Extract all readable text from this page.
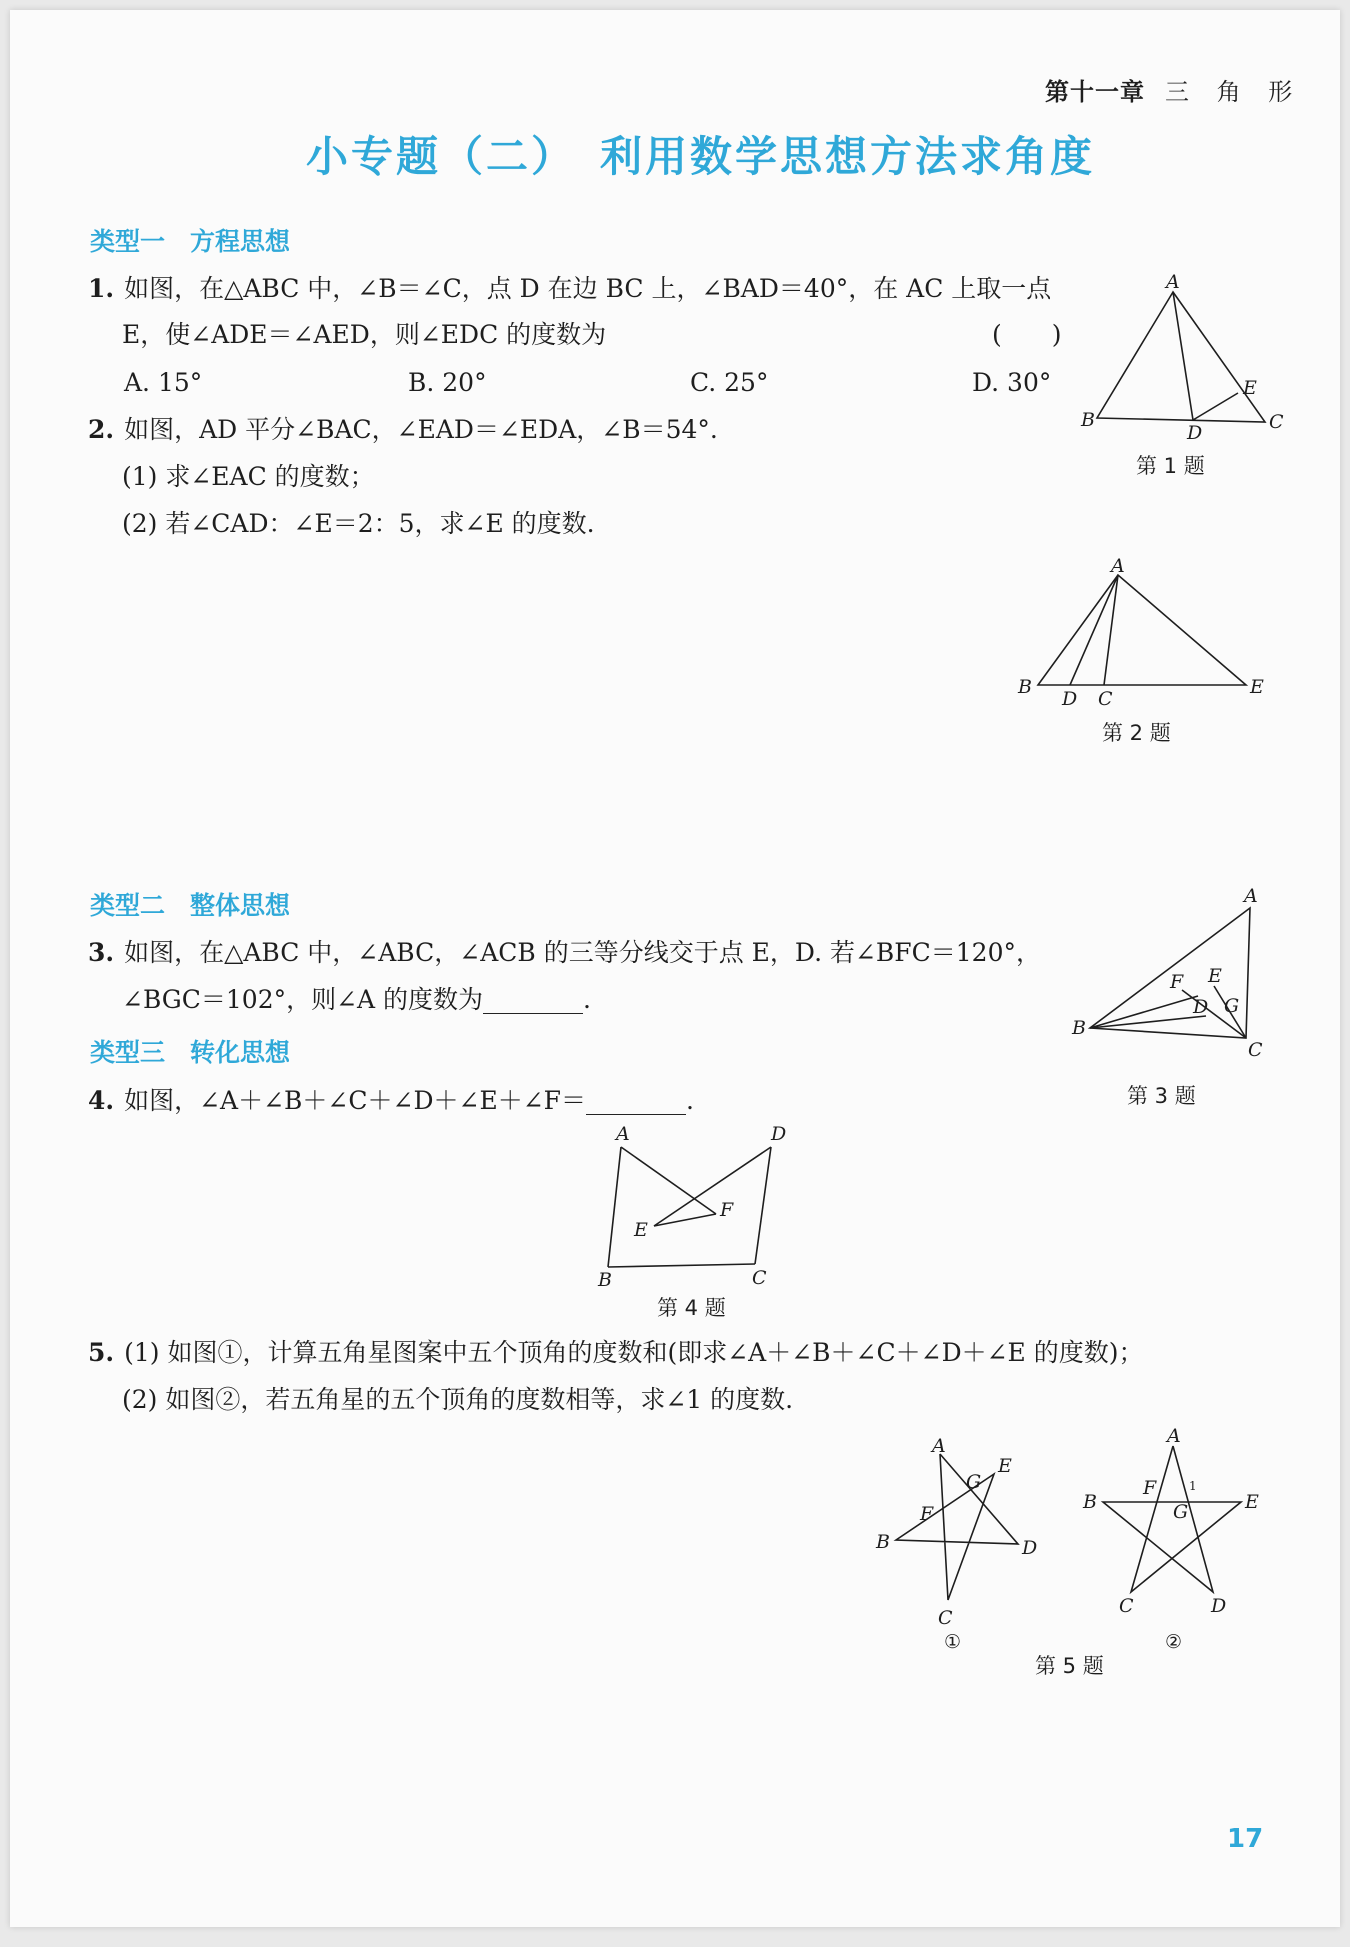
第十一章 三 角 形
小专题（二）　利用数学思想方法求角度
类型一　方程思想
1. 如图，在△ABC 中，∠B＝∠C，点 D 在边 BC 上，∠BAD＝40°，在 AC 上取一点
E，使∠ADE＝∠AED，则∠EDC 的度数为	(　　)
A. 15°	B. 20°	C. 25°	D. 30°
2. 如图，AD 平分∠BAC，∠EAD＝∠EDA，∠B＝54°.
(1) 求∠EAC 的度数；
(2) 若∠CAD：∠E＝2：5，求∠E 的度数.
A
B	C
D
E
第 1 题
A
B
C
D
E
第 2 题
类型二　整体思想
3. 如图，在△ABC 中，∠ABC，∠ACB 的三等分线交于点 E，D. 若∠BFC＝120°，
∠BGC＝102°，则∠A 的度数为________.
A
B
C
D
E
F
G
第 3 题
类型三　转化思想
4. 如图，∠A＋∠B＋∠C＋∠D＋∠E＋∠F＝________.
A
B	C
D
E
F
第 4 题
5. (1) 如图①，计算五角星图案中五个顶角的度数和(即求∠A＋∠B＋∠C＋∠D＋∠E 的度数)；
(2) 如图②，若五角星的五个顶角的度数相等，求∠1 的度数.
A
B
C
D
E
F
G
①
A
B
C	D
E
F
G
1
②
第 5 题
17
